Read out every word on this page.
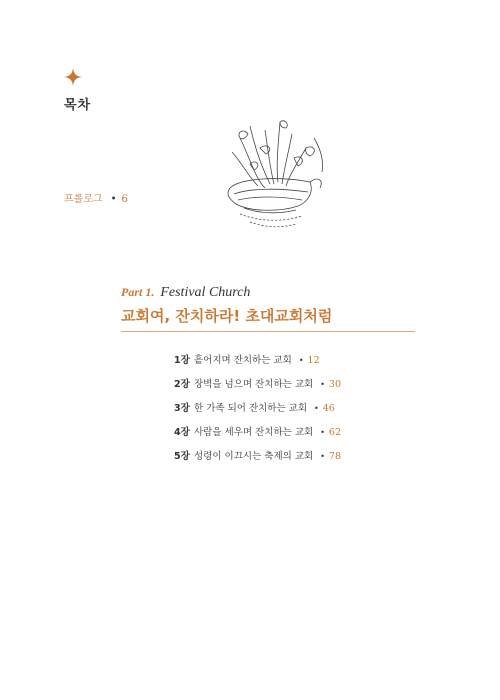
목차
프롤로그 • 6
Part 1. Festival Church
교회여, 잔치하라! 초대교회처럼
1장 흩어지며 잔치하는 교회 • 12
2장 장벽을 넘으며 잔치하는 교회 • 30
3장 한 가족 되어 잔치하는 교회 • 46
4장 사람을 세우며 잔치하는 교회 • 62
5장 성령이 이끄시는 축제의 교회 • 78
